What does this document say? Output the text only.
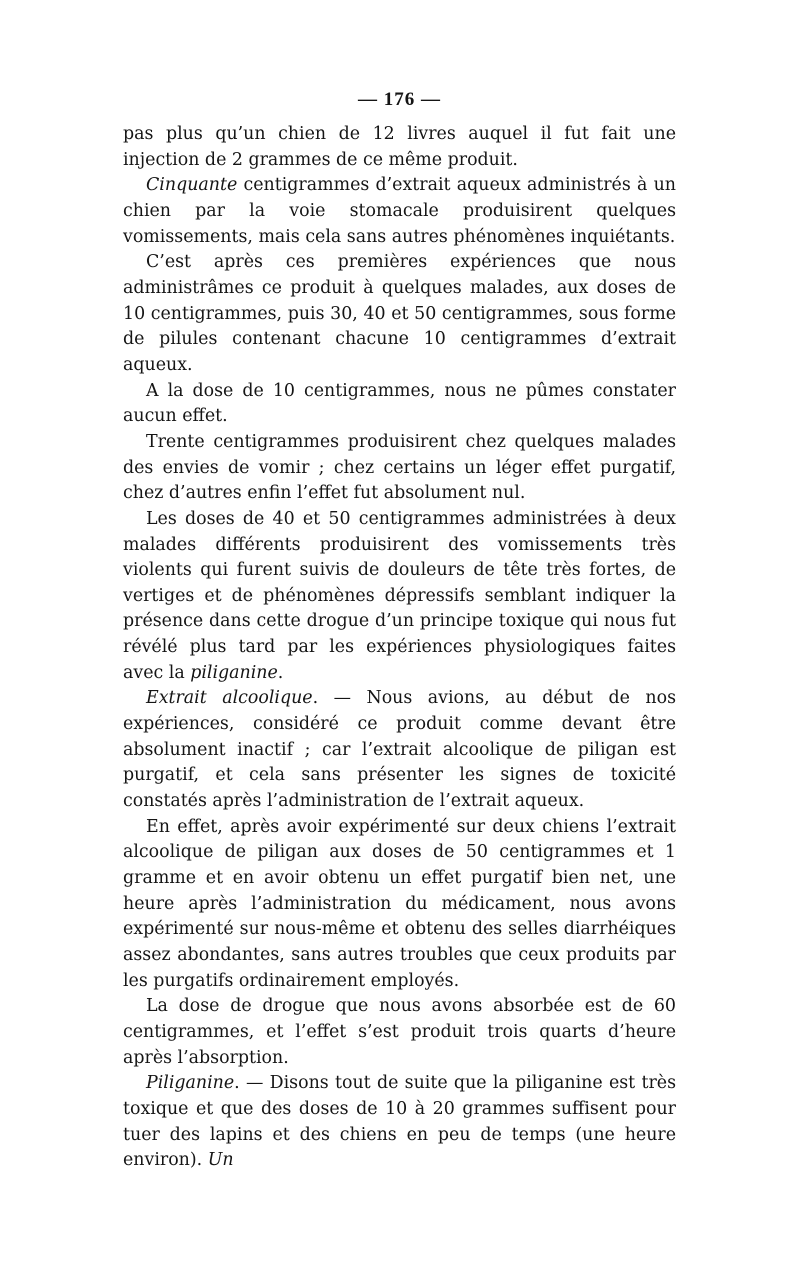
— 176 —

pas plus qu’un chien de 12 livres auquel il fut fait une injection de 2 grammes de ce même produit.

Cinquante centigrammes d’extrait aqueux administrés à un chien par la voie stomacale produisirent quelques vomissements, mais cela sans autres phénomènes inquiétants.

C’est après ces premières expériences que nous administrâmes ce produit à quelques malades, aux doses de 10 centigrammes, puis 30, 40 et 50 centigrammes, sous forme de pilules contenant chacune 10 centigrammes d’extrait aqueux.

A la dose de 10 centigrammes, nous ne pûmes constater aucun effet.

Trente centigrammes produisirent chez quelques malades des envies de vomir ; chez certains un léger effet purgatif, chez d’autres enfin l’effet fut absolument nul.

Les doses de 40 et 50 centigrammes administrées à deux malades différents produisirent des vomissements très violents qui furent suivis de douleurs de tête très fortes, de vertiges et de phénomènes dépressifs semblant indiquer la présence dans cette drogue d’un principe toxique qui nous fut révélé plus tard par les expériences physiologiques faites avec la piliganine.

Extrait alcoolique. — Nous avions, au début de nos expériences, considéré ce produit comme devant être absolument inactif ; car l’extrait alcoolique de piligan est purgatif, et cela sans présenter les signes de toxicité constatés après l’administration de l’extrait aqueux.

En effet, après avoir expérimenté sur deux chiens l’extrait alcoolique de piligan aux doses de 50 centigrammes et 1 gramme et en avoir obtenu un effet purgatif bien net, une heure après l’administration du médicament, nous avons expérimenté sur nous-même et obtenu des selles diarrhéiques assez abondantes, sans autres troubles que ceux produits par les purgatifs ordinairement employés.

La dose de drogue que nous avons absorbée est de 60 centigrammes, et l’effet s’est produit trois quarts d’heure après l’absorption.

Piliganine. — Disons tout de suite que la piliganine est très toxique et que des doses de 10 à 20 grammes suffisent pour tuer des lapins et des chiens en peu de temps (une heure environ). Un
